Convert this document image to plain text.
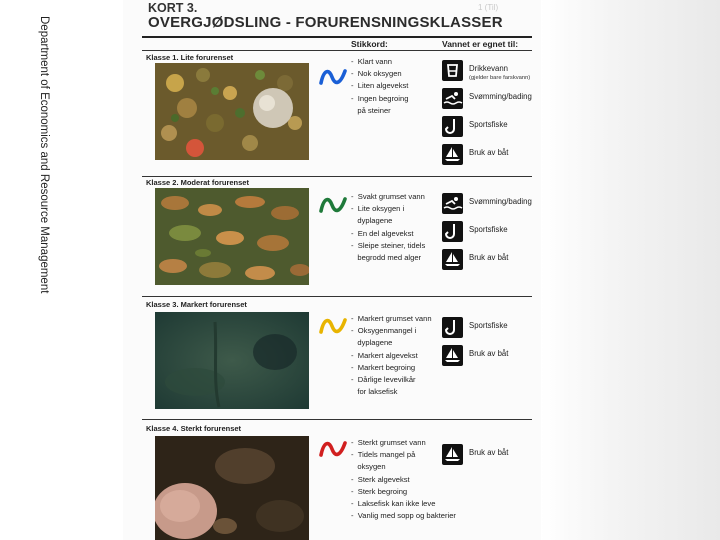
Department of Economics and Resource Management
KORT 3.
OVERGJØDSLING - FORURENSNINGSKLASSER
1 (Til)
Stikkord:	Vannet er egnet til:
Klasse 1. Lite forurenset	-  Klart vann
-  Nok oksygen
-  Liten algevekst
-  Ingen begroing
på steiner
Drikkevann
(gjelder bare farskvann)
Svømming/bading
Sportsfiske
Bruk av båt
Klasse 2. Moderat forurenset
-  Svakt grumset vann
-  Lite oksygen i
dyplagene
-  En del algevekst
-  Sleipe steiner, tidels
begrodd med alger
Svømming/bading
Sportsfiske
Bruk av båt
Klasse 3. Markert forurenset
-  Markert grumset vann
-  Oksygenmangel i
dyplagene
-  Markert algevekst
-  Markert begroing
-  Dårlige levevilkår
for laksefisk
Sportsfiske
Bruk av båt
Klasse 4. Sterkt forurenset
-  Sterkt grumset vann
-  Tidels mangel på
oksygen
-  Sterk algevekst
-  Sterk begroing
-  Laksefisk kan ikke leve
-  Vanlig med sopp og bakterier
Bruk av båt
